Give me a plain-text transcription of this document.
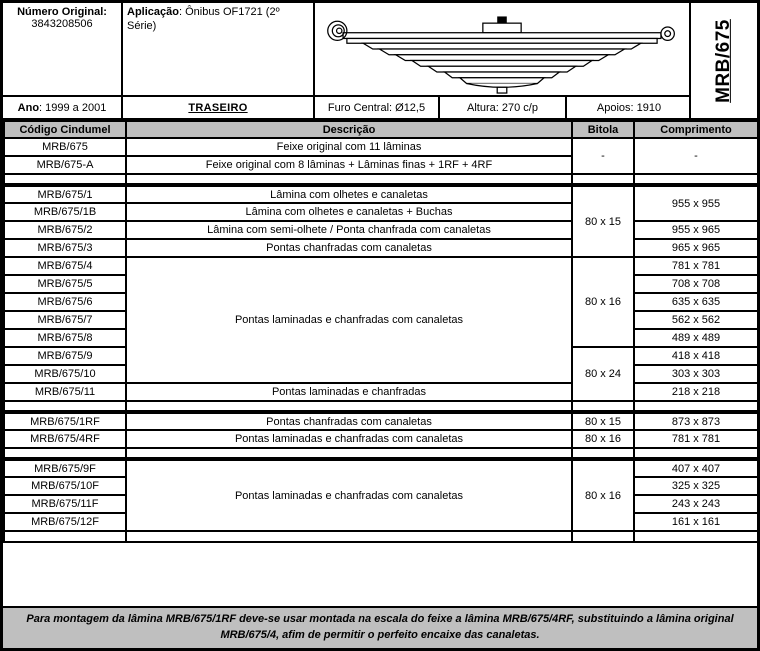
Número Original:
3843208506
Aplicação: Ônibus OF1721 (2º Série)	MRB/675
Ano : 1999 a 2001	TRASEIRO	Furo Central: Ø12,5	Altura: 270 c/p	Apoios: 1910
Código Cindumel	Descrição	Bitola	Comprimento
MRB/675	Feixe original com 11 lâminas	-	-
MRB/675-A	Feixe original com 8 lâminas + Lâminas finas + 1RF + 4RF		

MRB/675/1	Lâmina com olhetes e canaletas	80 x 15	955 x 955
MRB/675/1B	Lâmina com olhetes e canaletas + Buchas		
MRB/675/2	Lâmina com semi-olhete / Ponta chanfrada com canaletas		955 x 965
MRB/675/3	Pontas chanfradas com canaletas		965 x 965
MRB/675/4	Pontas laminadas e chanfradas com canaletas	80 x 16	781 x 781
MRB/675/5			708 x 708
MRB/675/6			635 x 635
MRB/675/7			562 x 562
MRB/675/8			489 x 489
MRB/675/9		80 x 24	418 x 418
MRB/675/10			303 x 303
MRB/675/11	Pontas laminadas e chanfradas		218 x 218

MRB/675/1RF	Pontas chanfradas com canaletas	80 x 15	873 x 873
MRB/675/4RF	Pontas laminadas e chanfradas com canaletas	80 x 16	781 x 781

MRB/675/9F	Pontas laminadas e chanfradas com canaletas	80 x 16	407 x 407
MRB/675/10F			325 x 325
MRB/675/11F			243 x 243
MRB/675/12F			161 x 161

Para montagem da lâmina MRB/675/1RF deve-se usar montada na escala do feixe a lâmina MRB/675/4RF, substituindo a lâmina original MRB/675/4, afim de permitir o perfeito encaixe das canaletas.
